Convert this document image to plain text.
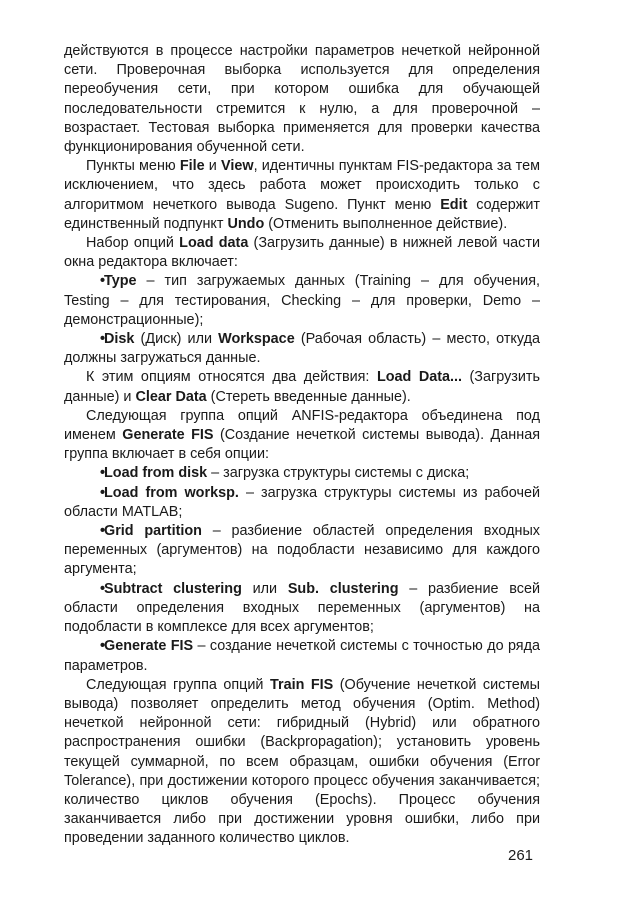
действуются в процессе настройки параметров нечеткой нейронной сети. Проверочная выборка используется для определения переобучения сети, при котором ошибка для обучающей последовательности стремится к нулю, а для проверочной – возрастает. Тестовая выборка применяется для проверки качества функционирования обученной сети.

Пункты меню File и View, идентичны пунктам FIS-редактора за тем исключением, что здесь работа может происходить только с алгоритмом нечеткого вывода Sugeno. Пункт меню Edit содержит единственный подпункт Undo (Отменить выполненное действие).

Набор опций Load data (Загрузить данные) в нижней левой части окна редактора включает:

•Type – тип загружаемых данных (Training – для обучения, Testing – для тестирования, Checking – для проверки, Demo – демонстрационные);

•Disk (Диск) или Workspace (Рабочая область) – место, откуда должны загружаться данные.

К этим опциям относятся два действия: Load Data... (Загрузить данные) и Clear Data (Стереть введенные данные).

Следующая группа опций ANFIS-редактора объединена под именем Generate FIS (Создание нечеткой системы вывода). Данная группа включает в себя опции:

•Load from disk – загрузка структуры системы с диска;

•Load from worksp. – загрузка структуры системы из рабочей области MATLAB;

•Grid partition – разбиение областей определения входных переменных (аргументов) на подобласти независимо для каждого аргумента;

•Subtract clustering или Sub. clustering – разбиение всей области определения входных переменных (аргументов) на подобласти в комплексе для всех аргументов;

•Generate FIS – создание нечеткой системы с точностью до ряда параметров.

Следующая группа опций Train FIS (Обучение нечеткой системы вывода) позволяет определить метод обучения (Optim. Method) нечеткой нейронной сети: гибридный (Hybrid) или обратного распространения ошибки (Backpropagation); установить уровень текущей суммарной, по всем образцам, ошибки обучения (Error Tolerance), при достижении которого процесс обучения заканчивается; количество циклов обучения (Epochs). Процесс обучения заканчивается либо при достижении уровня ошибки, либо при проведении заданного количество циклов.

261
